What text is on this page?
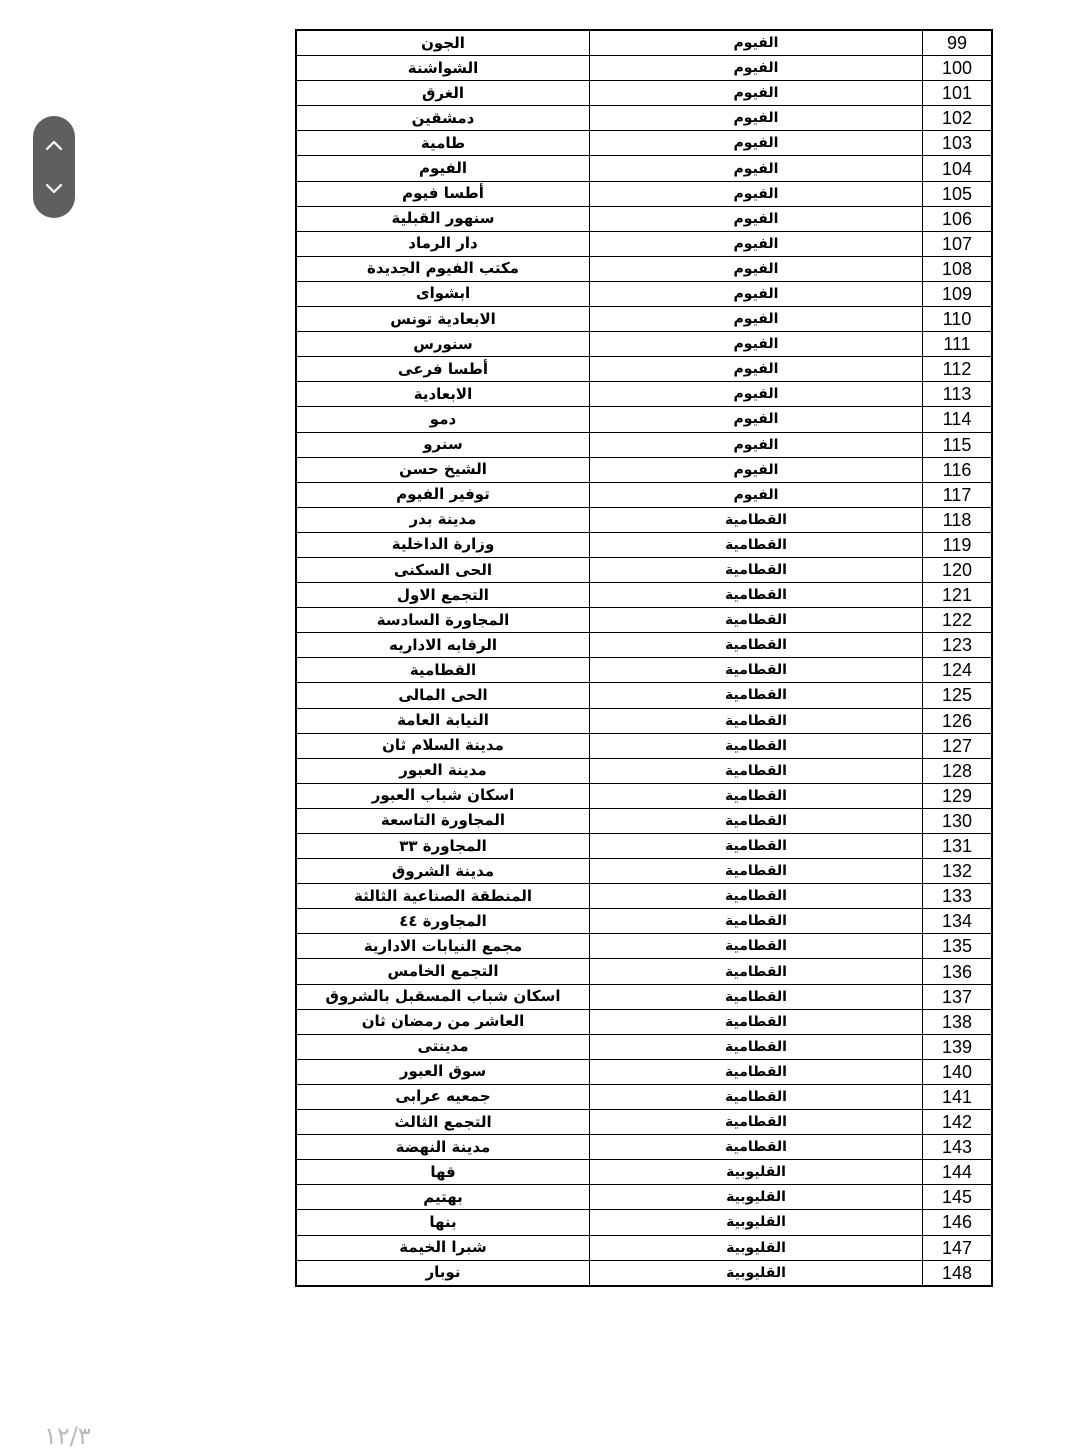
الجون	الفيوم	99
الشواشنة	الفيوم	100
الغرق	الفيوم	101
دمشقين	الفيوم	102
طامية	الفيوم	103
الفيوم	الفيوم	104
أطسا فيوم	الفيوم	105
سنهور القبلية	الفيوم	106
دار الرماد	الفيوم	107
مكتب الفيوم الجديدة	الفيوم	108
ابشواى	الفيوم	109
الابعادية تونس	الفيوم	110
سنورس	الفيوم	111
أطسا فرعى	الفيوم	112
الابعادية	الفيوم	113
دمو	الفيوم	114
سنرو	الفيوم	115
الشيخ حسن	الفيوم	116
توفير الفيوم	الفيوم	117
مدينة بدر	القطامية	118
وزارة الداخلية	القطامية	119
الحى السكنى	القطامية	120
التجمع الاول	القطامية	121
المجاورة السادسة	القطامية	122
الرقابه الاداريه	القطامية	123
القطامية	القطامية	124
الحى المالى	القطامية	125
النيابة العامة	القطامية	126
مدينة السلام ثان	القطامية	127
مدينة العبور	القطامية	128
اسكان شباب العبور	القطامية	129
المجاورة التاسعة	القطامية	130
المجاورة ٣٣	القطامية	131
مدينة الشروق	القطامية	132
المنطقة الصناعية الثالثة	القطامية	133
المجاورة ٤٤	القطامية	134
مجمع النيابات الادارية	القطامية	135
التجمع الخامس	القطامية	136
اسكان شباب المسقبل بالشروق	القطامية	137
العاشر من رمضان ثان	القطامية	138
مدينتى	القطامية	139
سوق العبور	القطامية	140
جمعيه عرابى	القطامية	141
التجمع الثالث	القطامية	142
مدينة النهضة	القطامية	143
قها	القليوبية	144
بهتيم	القليوبية	145
بنها	القليوبية	146
شبرا الخيمة	القليوبية	147
نوبار	القليوبية	148
١٢/٣
